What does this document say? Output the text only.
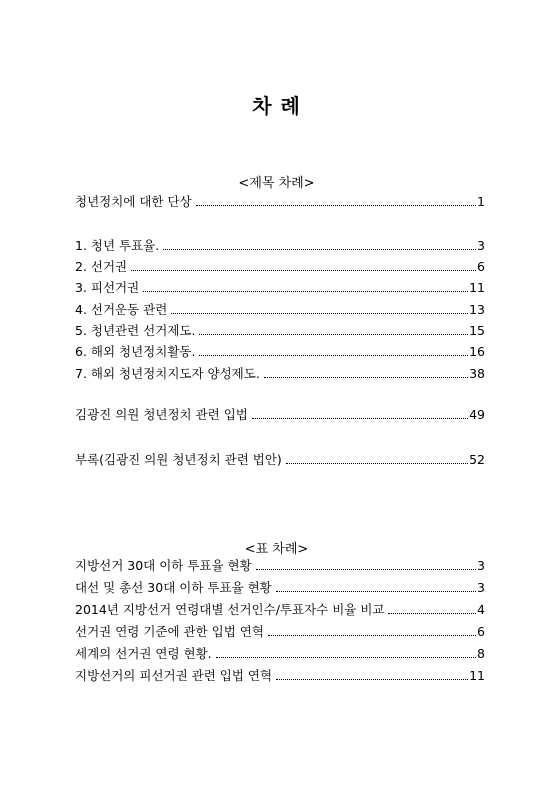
차 례
<제목 차례>
청년정치에 대한 단상	1
1. 청년 투표율.	3
2. 선거권	6
3. 피선거권	11
4. 선거운동 관련	13
5. 청년관련 선거제도.	15
6. 해외 청년정치활동.	16
7. 해외 청년정치지도자 양성제도.	38
김광진 의원 청년정치 관련 입법	49
부록(김광진 의원 청년정치 관련 법안)	52
<표 차례>
지방선거 30대 이하 투표율 현황	3
대선 및 총선 30대 이하 투표율 현황	3
2014년 지방선거 연령대별 선거인수/투표자수 비율 비교	4
선거권 연령 기준에 관한 입법 연혁	6
세계의 선거권 연령 현황.	8
지방선거의 피선거권 관련 입법 연혁	11
